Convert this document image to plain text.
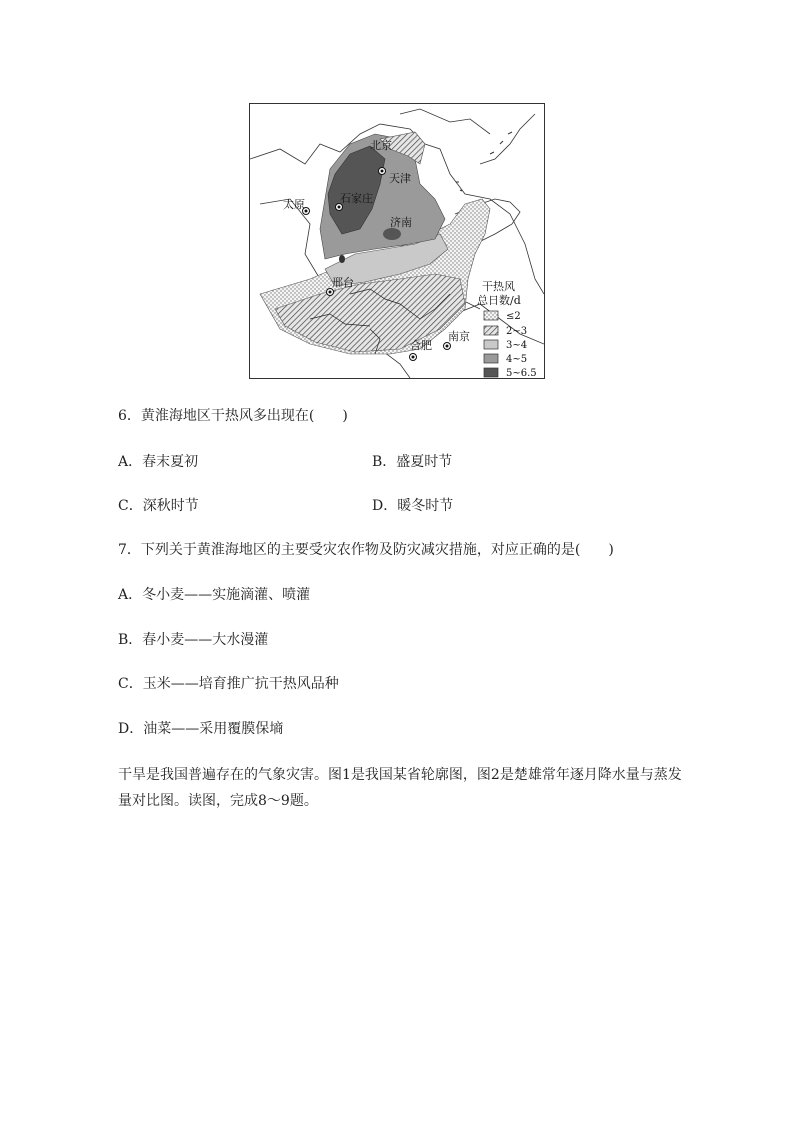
北京
天津
太原	石家庄
济南
邢台
合肥
南京
干热风
总日数/d
≤2
2~3
3~4
4~5
5~6.5
6．黄淮海地区干热风多出现在(　　)
A．春末夏初	B．盛夏时节
C．深秋时节	D．暖冬时节
7．下列关于黄淮海地区的主要受灾农作物及防灾减灾措施，对应正确的是(　　)
A．冬小麦——实施滴灌、喷灌
B．春小麦——大水漫灌
C．玉米——培育推广抗干热风品种
D．油菜——采用覆膜保墒
干旱是我国普遍存在的气象灾害。图1是我国某省轮廓图，图2是楚雄常年逐月降水量与蒸发量对比图。读图，完成8～9题。
